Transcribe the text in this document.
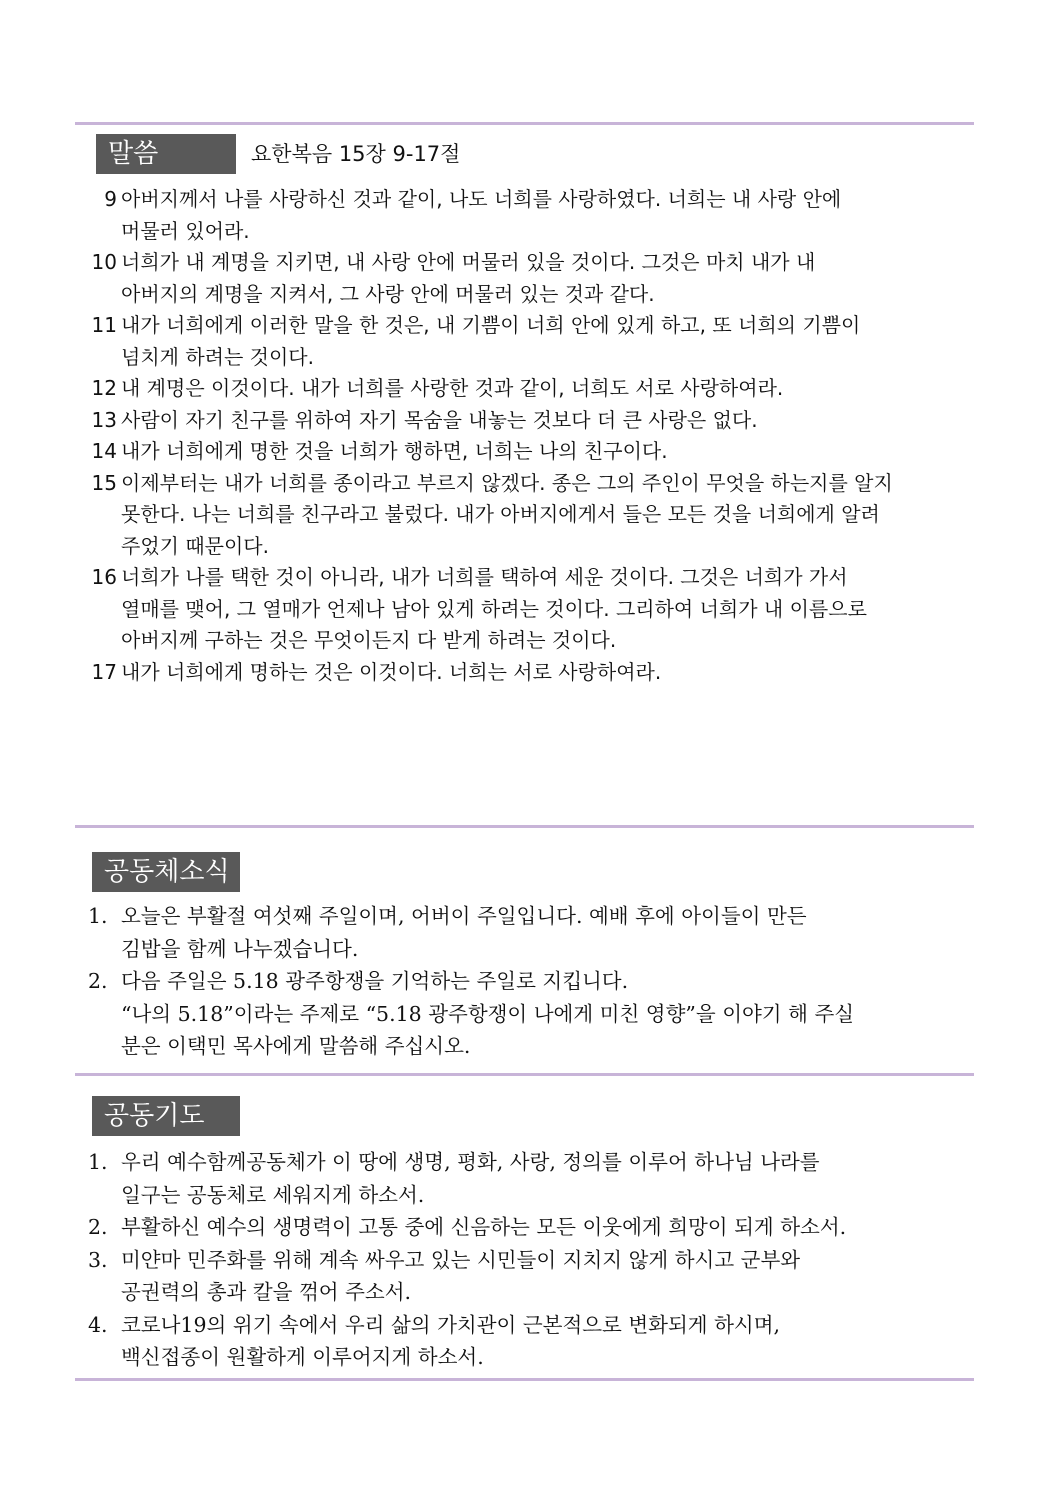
말씀	요한복음 15장 9-17절
9 아버지께서 나를 사랑하신 것과 같이, 나도 너희를 사랑하였다. 너희는 내 사랑 안에
머물러 있어라.
10 너희가 내 계명을 지키면, 내 사랑 안에 머물러 있을 것이다. 그것은 마치 내가 내
아버지의 계명을 지켜서, 그 사랑 안에 머물러 있는 것과 같다.
11 내가 너희에게 이러한 말을 한 것은, 내 기쁨이 너희 안에 있게 하고, 또 너희의 기쁨이
넘치게 하려는 것이다.
12 내 계명은 이것이다. 내가 너희를 사랑한 것과 같이, 너희도 서로 사랑하여라.
13 사람이 자기 친구를 위하여 자기 목숨을 내놓는 것보다 더 큰 사랑은 없다.
14 내가 너희에게 명한 것을 너희가 행하면, 너희는 나의 친구이다.
15 이제부터는 내가 너희를 종이라고 부르지 않겠다. 종은 그의 주인이 무엇을 하는지를 알지
못한다. 나는 너희를 친구라고 불렀다. 내가 아버지에게서 들은 모든 것을 너희에게 알려
주었기 때문이다.
16 너희가 나를 택한 것이 아니라, 내가 너희를 택하여 세운 것이다. 그것은 너희가 가서
열매를 맺어, 그 열매가 언제나 남아 있게 하려는 것이다. 그리하여 너희가 내 이름으로
아버지께 구하는 것은 무엇이든지 다 받게 하려는 것이다.
17 내가 너희에게 명하는 것은 이것이다. 너희는 서로 사랑하여라.
공동체소식
1. 오늘은 부활절 여섯째 주일이며, 어버이 주일입니다. 예배 후에 아이들이 만든
김밥을 함께 나누겠습니다.
2. 다음 주일은 5.18 광주항쟁을 기억하는 주일로 지킵니다.
“나의 5.18”이라는 주제로 “5.18 광주항쟁이 나에게 미친 영향”을 이야기 해 주실
분은 이택민 목사에게 말씀해 주십시오.
공동기도
1. 우리 예수함께공동체가 이 땅에 생명, 평화, 사랑, 정의를 이루어 하나님 나라를
일구는 공동체로 세워지게 하소서.
2. 부활하신 예수의 생명력이 고통 중에 신음하는 모든 이웃에게 희망이 되게 하소서.
3. 미얀마 민주화를 위해 계속 싸우고 있는 시민들이 지치지 않게 하시고 군부와
공권력의 총과 칼을 꺾어 주소서.
4. 코로나19의 위기 속에서 우리 삶의 가치관이 근본적으로 변화되게 하시며,
백신접종이 원활하게 이루어지게 하소서.
